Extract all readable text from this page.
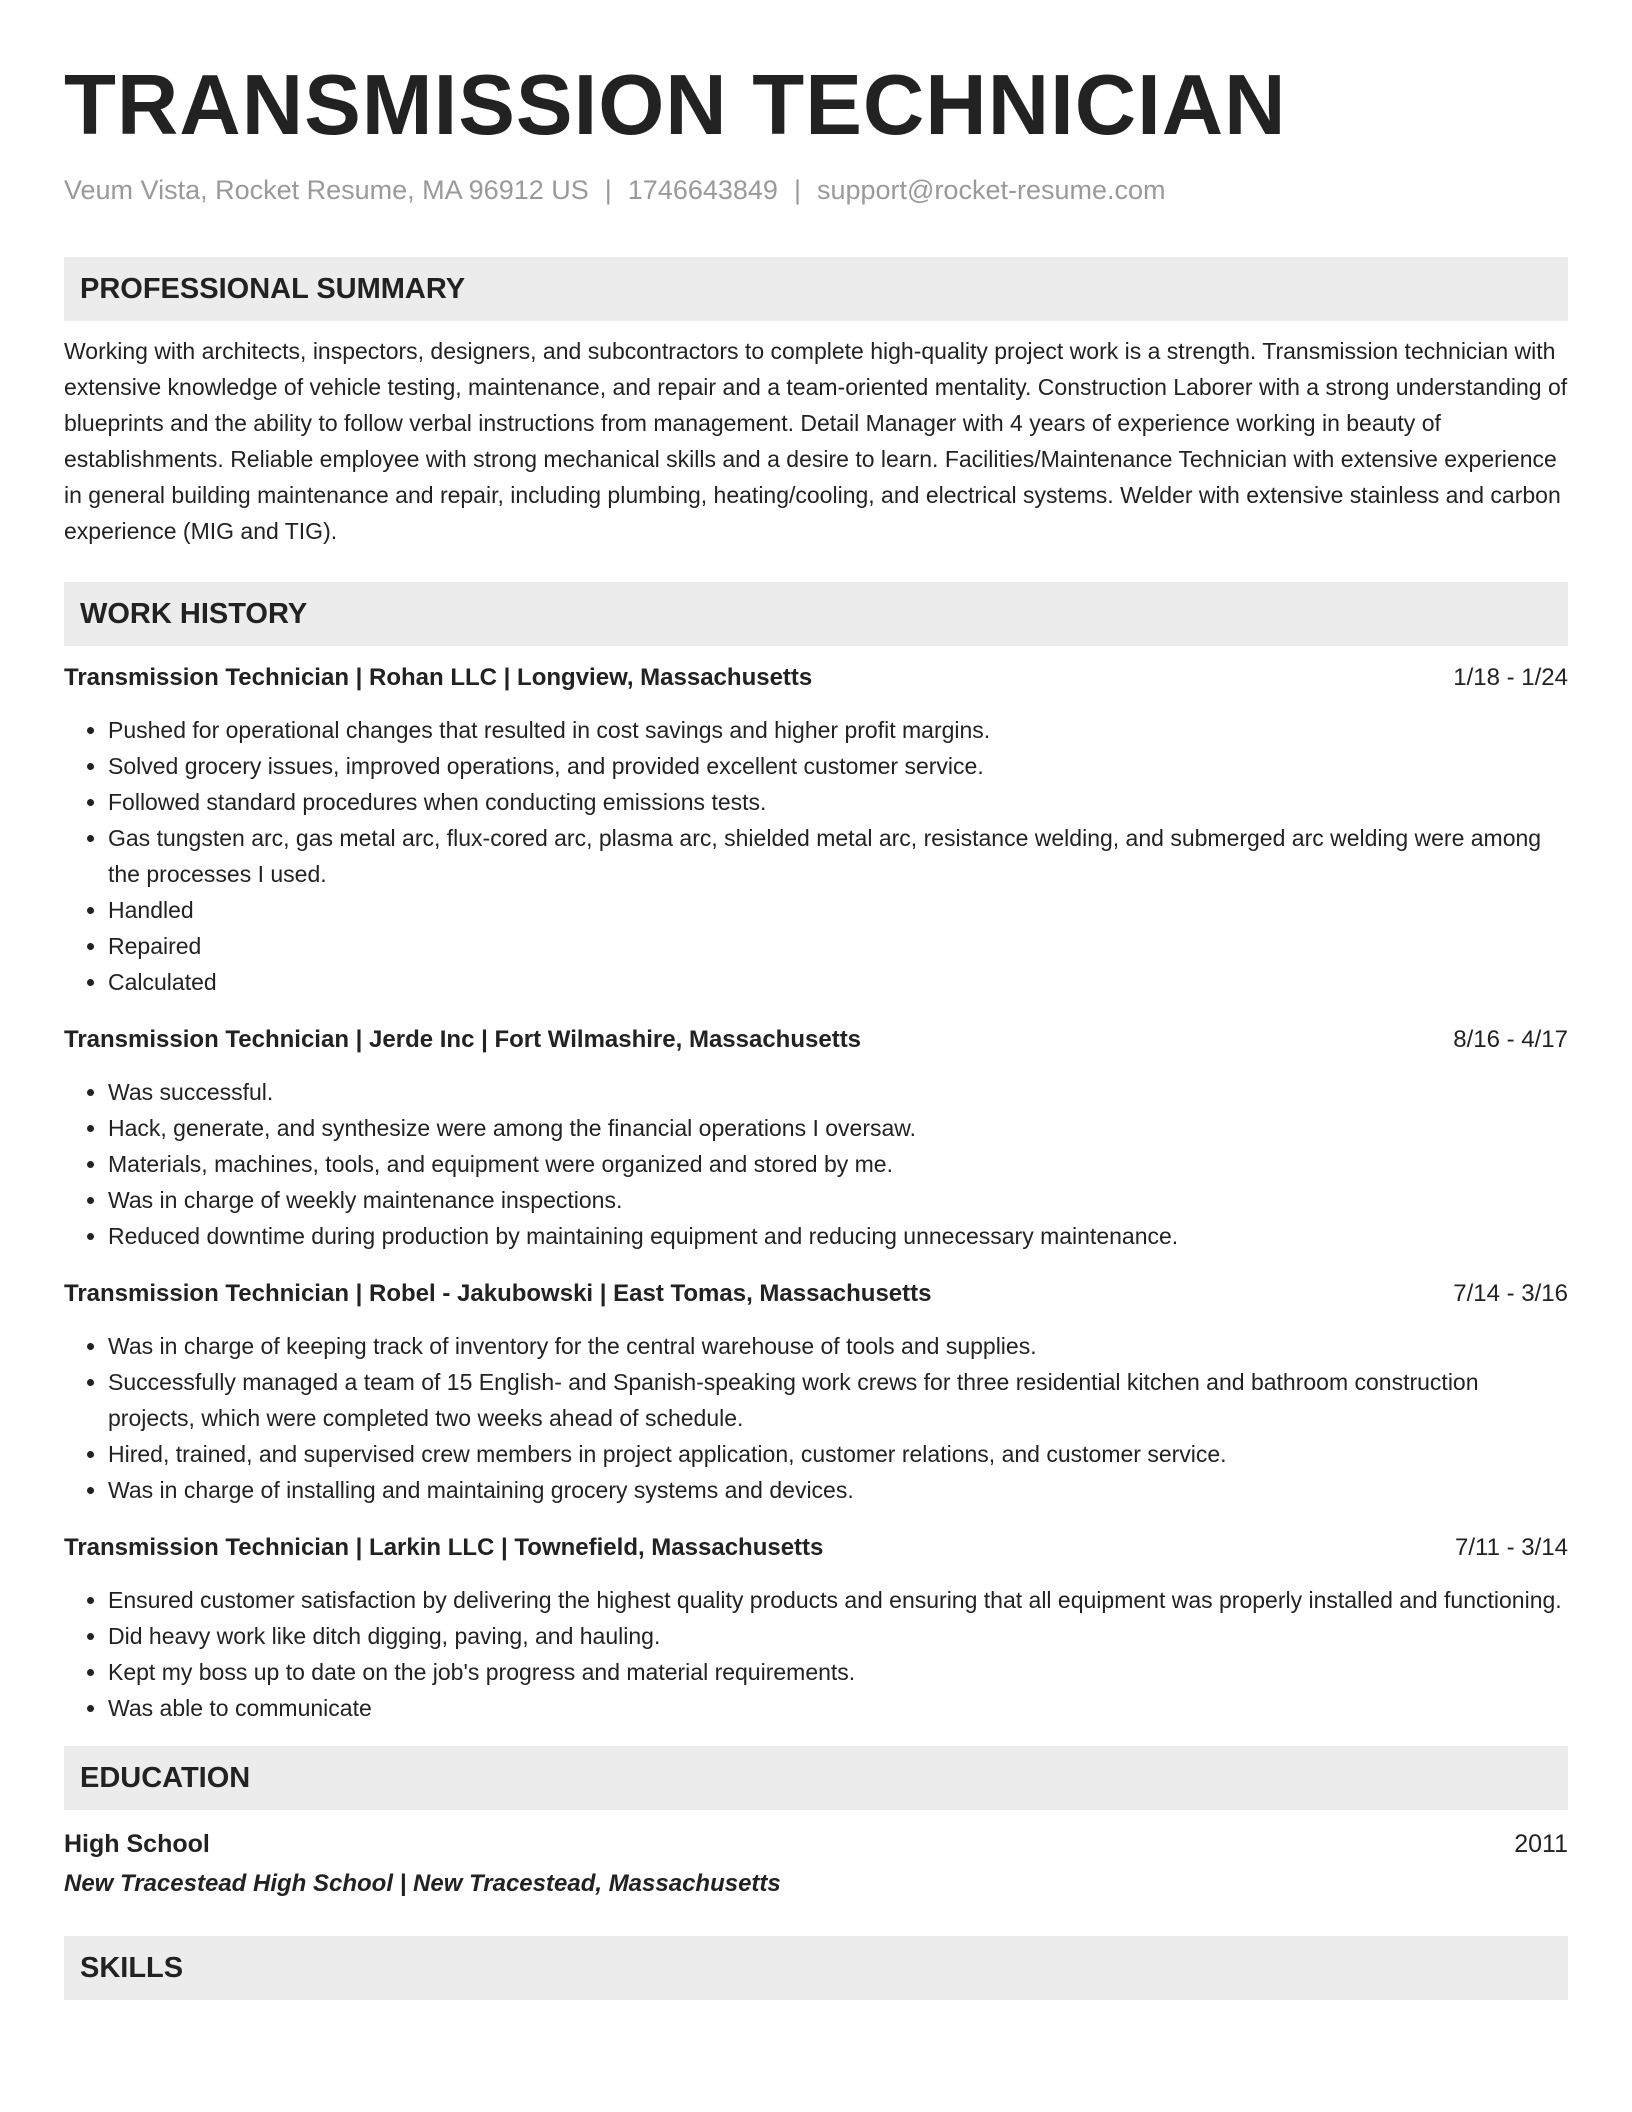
TRANSMISSION TECHNICIAN
Veum Vista, Rocket Resume, MA 96912 US | 1746643849 | support@rocket-resume.com
PROFESSIONAL SUMMARY
Working with architects, inspectors, designers, and subcontractors to complete high-quality project work is a strength. Transmission technician with extensive knowledge of vehicle testing, maintenance, and repair and a team-oriented mentality. Construction Laborer with a strong understanding of blueprints and the ability to follow verbal instructions from management. Detail Manager with 4 years of experience working in beauty of establishments. Reliable employee with strong mechanical skills and a desire to learn. Facilities/Maintenance Technician with extensive experience in general building maintenance and repair, including plumbing, heating/cooling, and electrical systems. Welder with extensive stainless and carbon experience (MIG and TIG).
WORK HISTORY
Transmission Technician | Rohan LLC | Longview, Massachusetts	1/18 - 1/24
• Pushed for operational changes that resulted in cost savings and higher profit margins.
• Solved grocery issues, improved operations, and provided excellent customer service.
• Followed standard procedures when conducting emissions tests.
• Gas tungsten arc, gas metal arc, flux-cored arc, plasma arc, shielded metal arc, resistance welding, and submerged arc welding were among the processes I used.
• Handled
• Repaired
• Calculated
Transmission Technician | Jerde Inc | Fort Wilmashire, Massachusetts	8/16 - 4/17
• Was successful.
• Hack, generate, and synthesize were among the financial operations I oversaw.
• Materials, machines, tools, and equipment were organized and stored by me.
• Was in charge of weekly maintenance inspections.
• Reduced downtime during production by maintaining equipment and reducing unnecessary maintenance.
Transmission Technician | Robel - Jakubowski | East Tomas, Massachusetts	7/14 - 3/16
• Was in charge of keeping track of inventory for the central warehouse of tools and supplies.
• Successfully managed a team of 15 English- and Spanish-speaking work crews for three residential kitchen and bathroom construction projects, which were completed two weeks ahead of schedule.
• Hired, trained, and supervised crew members in project application, customer relations, and customer service.
• Was in charge of installing and maintaining grocery systems and devices.
Transmission Technician | Larkin LLC | Townefield, Massachusetts	7/11 - 3/14
• Ensured customer satisfaction by delivering the highest quality products and ensuring that all equipment was properly installed and functioning.
• Did heavy work like ditch digging, paving, and hauling.
• Kept my boss up to date on the job's progress and material requirements.
• Was able to communicate
EDUCATION
High School	2011
New Tracestead High School | New Tracestead, Massachusetts
SKILLS
